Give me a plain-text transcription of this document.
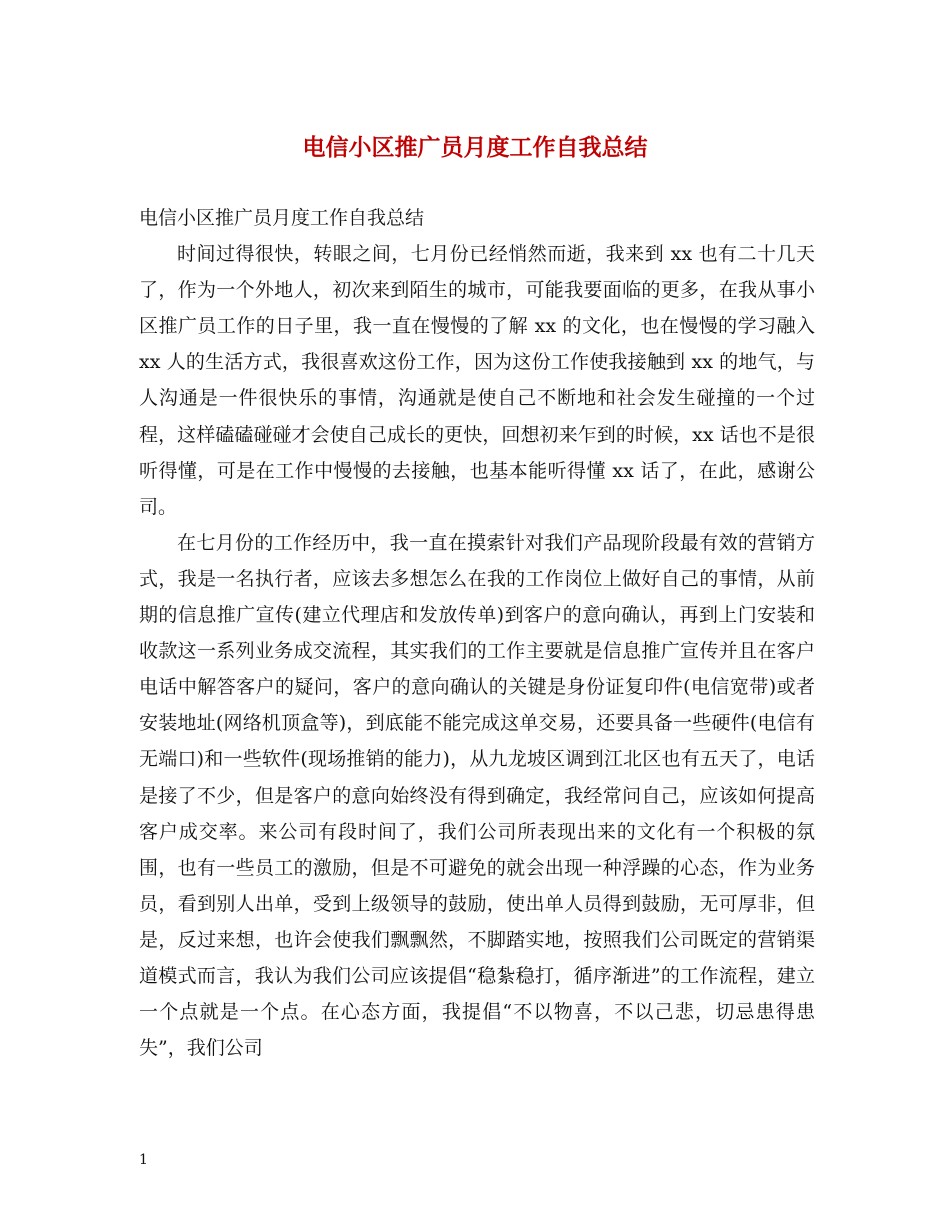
电信小区推广员月度工作自我总结

电信小区推广员月度工作自我总结

时间过得很快，转眼之间，七月份已经悄然而逝，我来到 xx 也有二十几天了，作为一个外地人，初次来到陌生的城市，可能我要面临的更多，在我从事小区推广员工作的日子里，我一直在慢慢的了解 xx 的文化，也在慢慢的学习融入 xx 人的生活方式，我很喜欢这份工作，因为这份工作使我接触到 xx 的地气，与人沟通是一件很快乐的事情，沟通就是使自己不断地和社会发生碰撞的一个过程，这样磕磕碰碰才会使自己成长的更快，回想初来乍到的时候，xx 话也不是很听得懂，可是在工作中慢慢的去接触，也基本能听得懂 xx 话了，在此，感谢公司。

在七月份的工作经历中，我一直在摸索针对我们产品现阶段最有效的营销方式，我是一名执行者，应该去多想怎么在我的工作岗位上做好自己的事情，从前期的信息推广宣传(建立代理店和发放传单)到客户的意向确认，再到上门安装和收款这一系列业务成交流程，其实我们的工作主要就是信息推广宣传并且在客户电话中解答客户的疑问，客户的意向确认的关键是身份证复印件(电信宽带)或者安装地址(网络机顶盒等)，到底能不能完成这单交易，还要具备一些硬件(电信有无端口)和一些软件(现场推销的能力)，从九龙坡区调到江北区也有五天了，电话是接了不少，但是客户的意向始终没有得到确定，我经常问自己，应该如何提高客户成交率。来公司有段时间了，我们公司所表现出来的文化有一个积极的氛围，也有一些员工的激励，但是不可避免的就会出现一种浮躁的心态，作为业务员，看到别人出单，受到上级领导的鼓励，使出单人员得到鼓励，无可厚非，但是，反过来想，也许会使我们飘飘然，不脚踏实地，按照我们公司既定的营销渠道模式而言，我认为我们公司应该提倡“稳紮稳打，循序渐进”的工作流程，建立一个点就是一个点。在心态方面，我提倡“不以物喜，不以己悲，切忌患得患失”，我们公司

1
